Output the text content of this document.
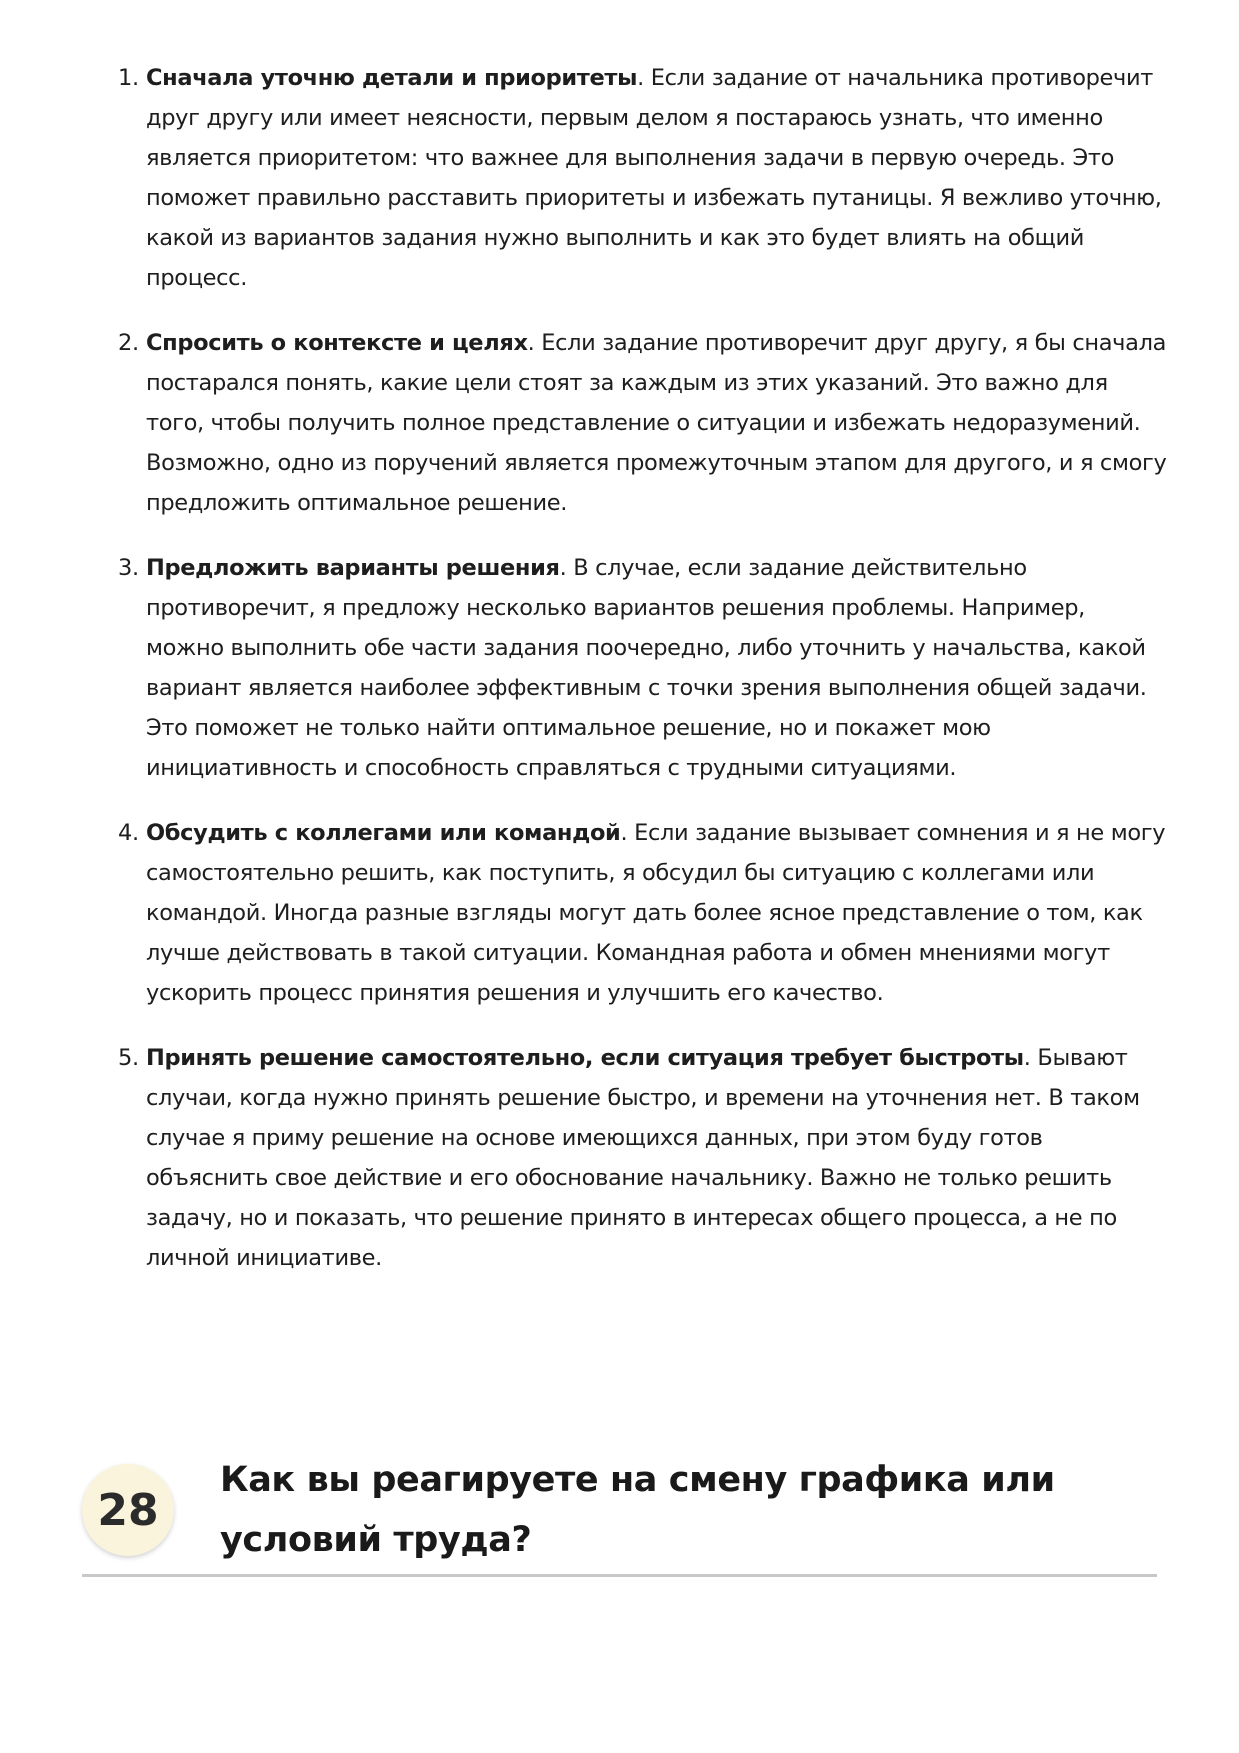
1. Сначала уточню детали и приоритеты. Если задание от начальника противоречит друг другу или имеет неясности, первым делом я постараюсь узнать, что именно является приоритетом: что важнее для выполнения задачи в первую очередь. Это поможет правильно расставить приоритеты и избежать путаницы. Я вежливо уточню, какой из вариантов задания нужно выполнить и как это будет влиять на общий процесс.
2. Спросить о контексте и целях. Если задание противоречит друг другу, я бы сначала постарался понять, какие цели стоят за каждым из этих указаний. Это важно для того, чтобы получить полное представление о ситуации и избежать недоразумений. Возможно, одно из поручений является промежуточным этапом для другого, и я смогу предложить оптимальное решение.
3. Предложить варианты решения. В случае, если задание действительно противоречит, я предложу несколько вариантов решения проблемы. Например, можно выполнить обе части задания поочередно, либо уточнить у начальства, какой вариант является наиболее эффективным с точки зрения выполнения общей задачи. Это поможет не только найти оптимальное решение, но и покажет мою инициативность и способность справляться с трудными ситуациями.
4. Обсудить с коллегами или командой. Если задание вызывает сомнения и я не могу самостоятельно решить, как поступить, я обсудил бы ситуацию с коллегами или командой. Иногда разные взгляды могут дать более ясное представление о том, как лучше действовать в такой ситуации. Командная работа и обмен мнениями могут ускорить процесс принятия решения и улучшить его качество.
5. Принять решение самостоятельно, если ситуация требует быстроты. Бывают случаи, когда нужно принять решение быстро, и времени на уточнения нет. В таком случае я приму решение на основе имеющихся данных, при этом буду готов объяснить свое действие и его обоснование начальнику. Важно не только решить задачу, но и показать, что решение принято в интересах общего процесса, а не по личной инициативе.
28
Как вы реагируете на смену графика или условий труда?
